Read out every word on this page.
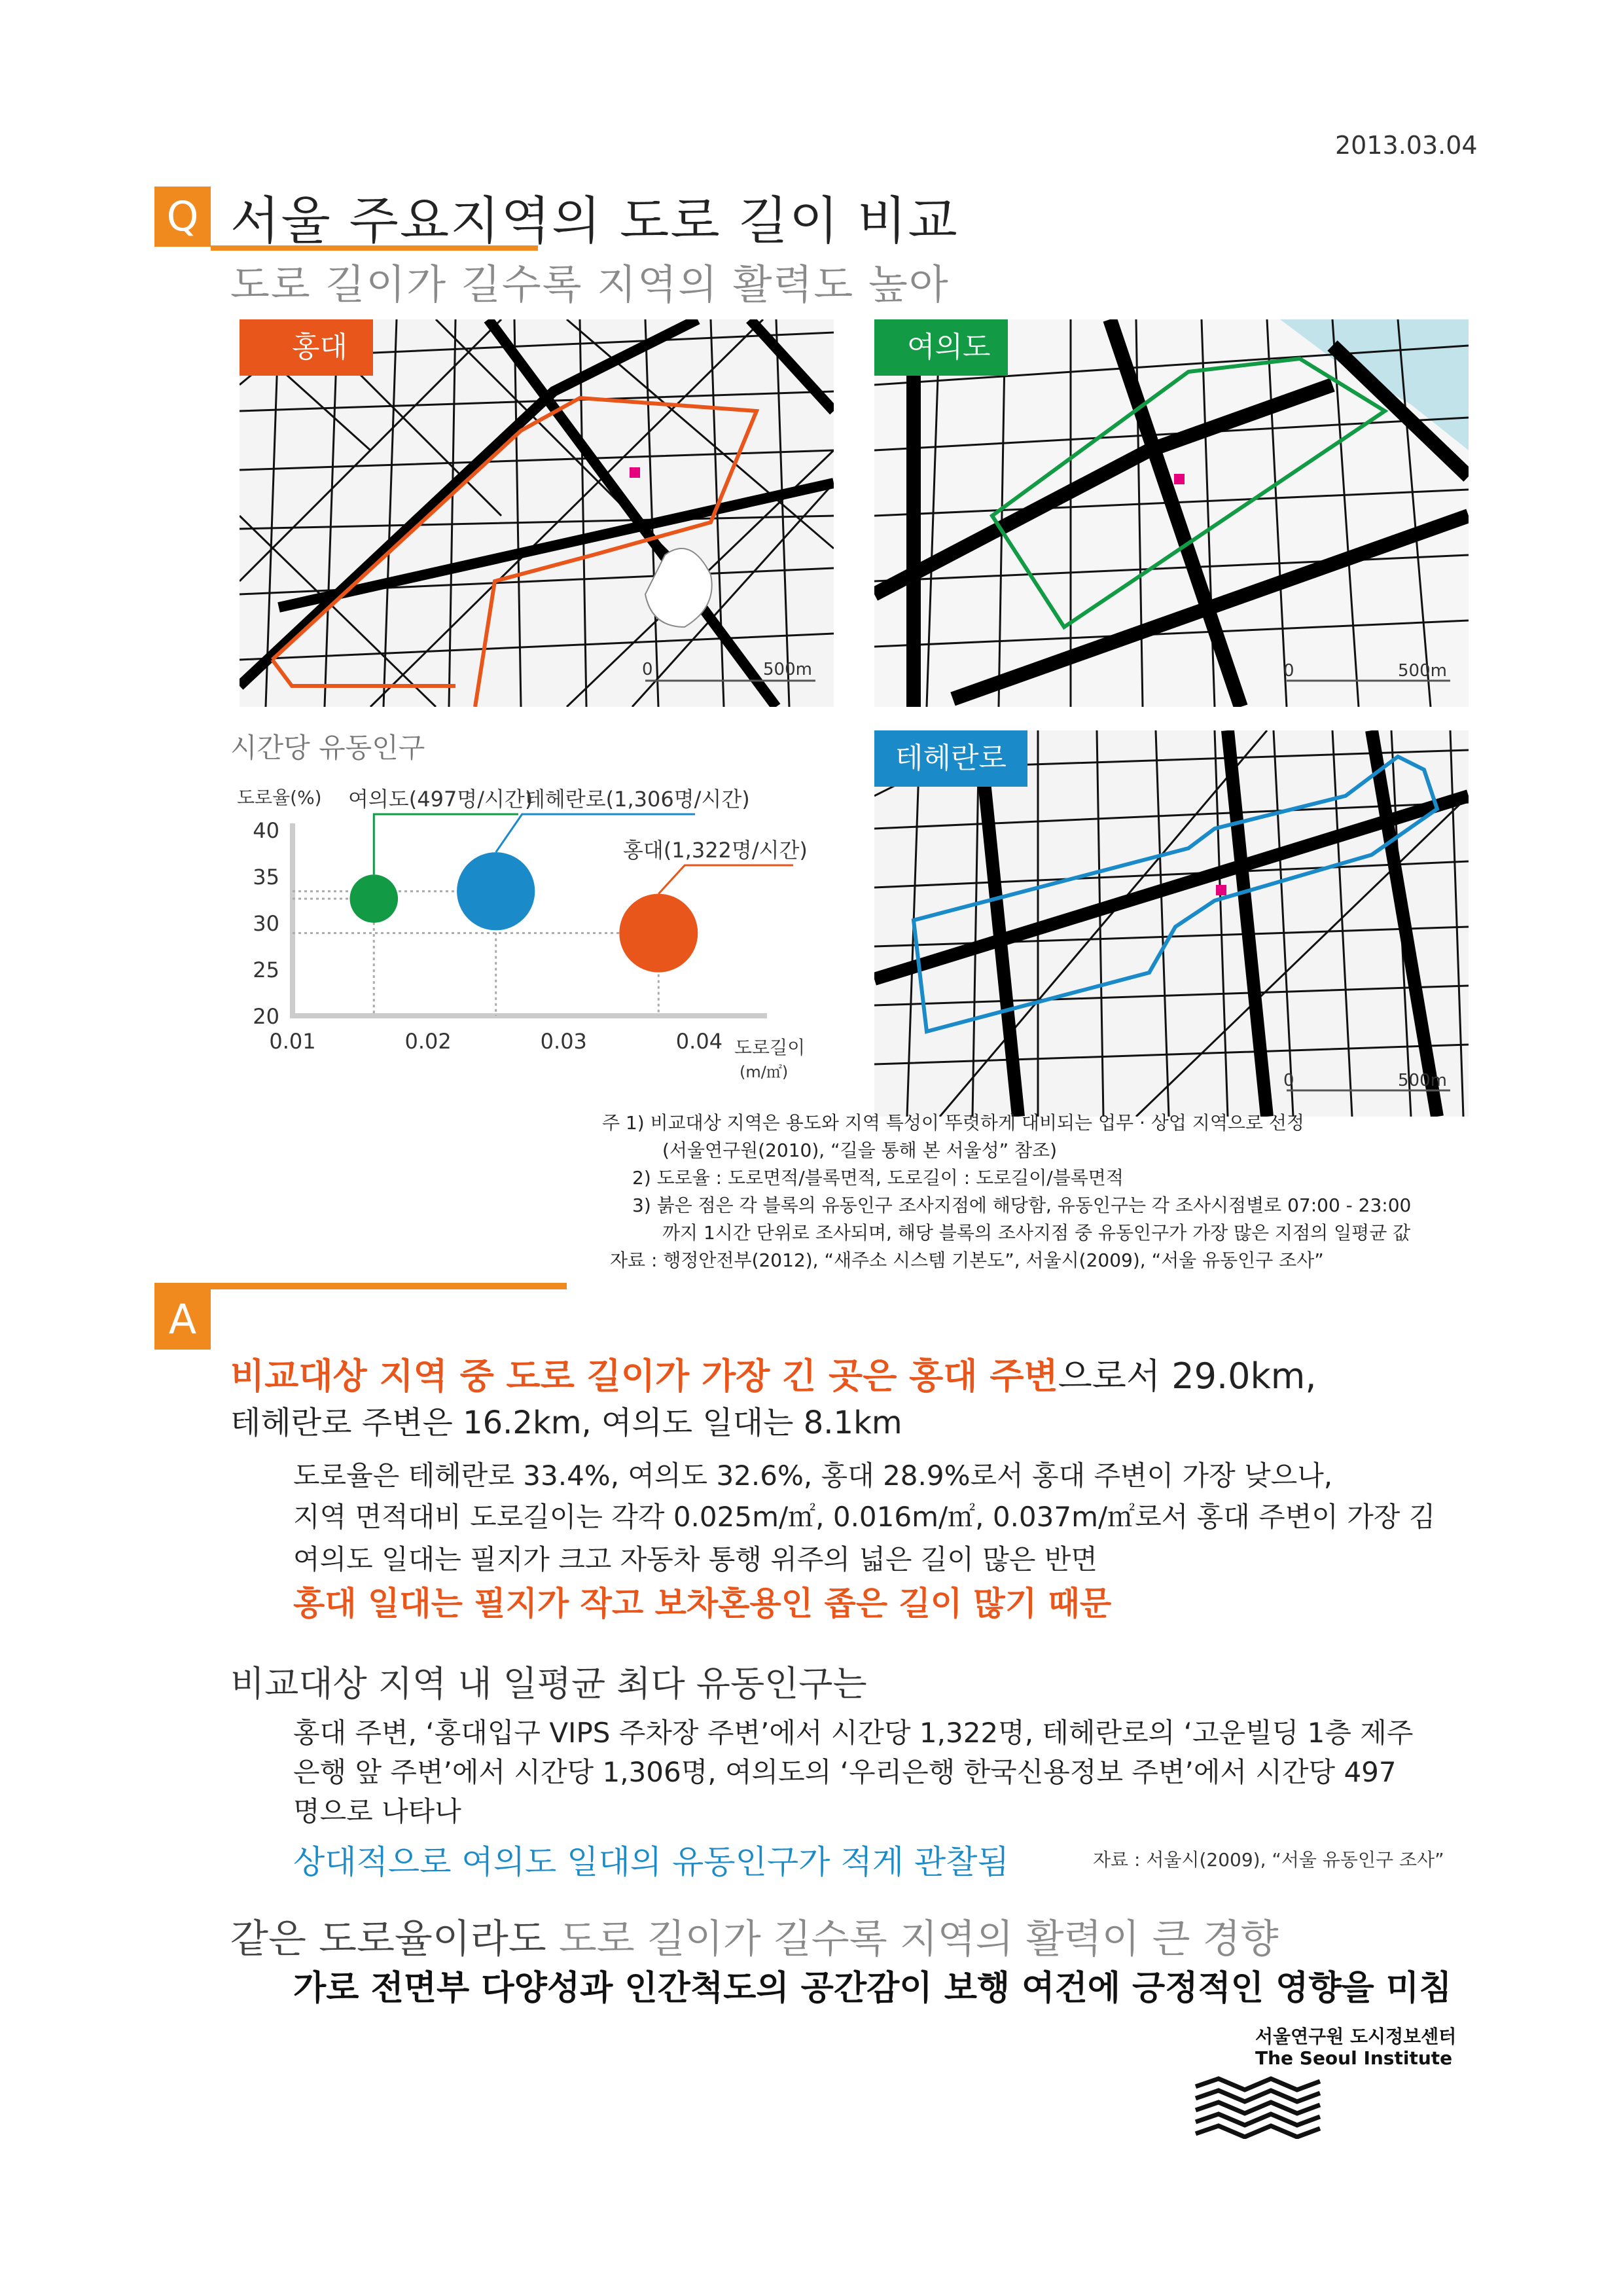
2013.03.04
Q 서울 주요지역의 도로 길이 비교
도로 길이가 길수록 지역의 활력도 높아
홍대
0	500m
여의도
0	500m
테헤란로
0	500m
시간당 유동인구
도로율(%)
도로길이
(m/㎡)
40
35
30
25
20
0.01	0.02	0.03	0.04
여의도(497명/시간)
테헤란로(1,306명/시간)
홍대(1,322명/시간)
주 1) 비교대상 지역은 용도와 지역 특성이 뚜렷하게 대비되는 업무 · 상업 지역으로 선정
(서울연구원(2010), “길을 통해 본 서울성” 참조)
2) 도로율 : 도로면적/블록면적, 도로길이 : 도로길이/블록면적
3) 붉은 점은 각 블록의 유동인구 조사지점에 해당함, 유동인구는 각 조사시점별로 07:00 - 23:00
까지 1시간 단위로 조사되며, 해당 블록의 조사지점 중 유동인구가 가장 많은 지점의 일평균 값
자료 : 행정안전부(2012), “새주소 시스템 기본도”, 서울시(2009), “서울 유동인구 조사”
A
비교대상 지역 중 도로 길이가 가장 긴 곳은 홍대 주변으로서 29.0km,
테헤란로 주변은 16.2km, 여의도 일대는 8.1km
도로율은 테헤란로 33.4%, 여의도 32.6%, 홍대 28.9%로서 홍대 주변이 가장 낮으나,
지역 면적대비 도로길이는 각각 0.025m/㎡, 0.016m/㎡, 0.037m/㎡로서 홍대 주변이 가장 김
여의도 일대는 필지가 크고 자동차 통행 위주의 넓은 길이 많은 반면
홍대 일대는 필지가 작고 보차혼용인 좁은 길이 많기 때문
비교대상 지역 내 일평균 최다 유동인구는
홍대 주변, ‘홍대입구 VIPS 주차장 주변’에서 시간당 1,322명, 테헤란로의 ‘고운빌딩 1층 제주
은행 앞 주변’에서 시간당 1,306명, 여의도의 ‘우리은행 한국신용정보 주변’에서 시간당 497
명으로 나타나
상대적으로 여의도 일대의 유동인구가 적게 관찰됨	자료 : 서울시(2009), “서울 유동인구 조사”
같은 도로율이라도 도로 길이가 길수록 지역의 활력이 큰 경향
가로 전면부 다양성과 인간척도의 공간감이 보행 여건에 긍정적인 영향을 미침
서울연구원 도시정보센터
The Seoul Institute
